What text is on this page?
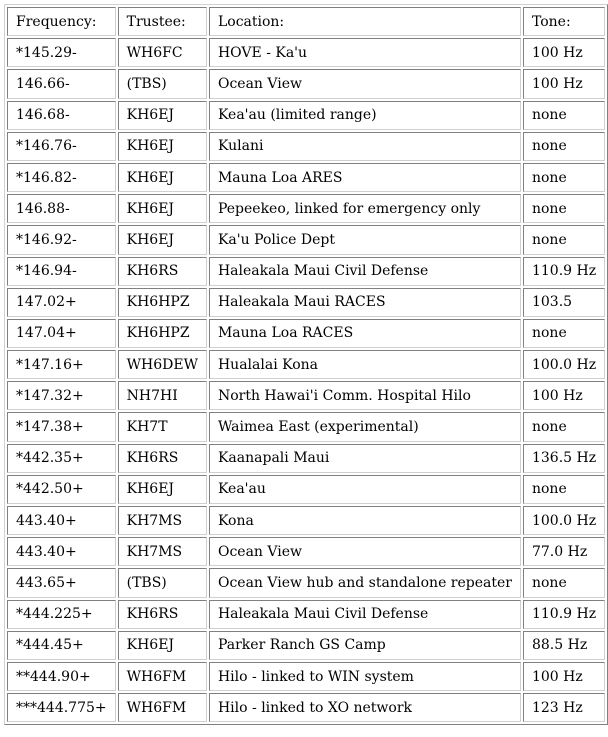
Frequency:	Trustee:	Location:	Tone:
*145.29-	WH6FC	HOVE - Ka'u	100 Hz
146.66-	(TBS)	Ocean View	100 Hz
146.68-	KH6EJ	Kea'au (limited range)	none
*146.76-	KH6EJ	Kulani	none
*146.82-	KH6EJ	Mauna Loa ARES	none
146.88-	KH6EJ	Pepeekeo, linked for emergency only	none
*146.92-	KH6EJ	Ka'u Police Dept	none
*146.94-	KH6RS	Haleakala Maui Civil Defense	110.9 Hz
147.02+	KH6HPZ	Haleakala Maui RACES	103.5
147.04+	KH6HPZ	Mauna Loa RACES	none
*147.16+	WH6DEW	Hualalai Kona	100.0 Hz
*147.32+	NH7HI	North Hawai'i Comm. Hospital Hilo	100 Hz
*147.38+	KH7T	Waimea East (experimental)	none
*442.35+	KH6RS	Kaanapali Maui	136.5 Hz
*442.50+	KH6EJ	Kea'au	none
443.40+	KH7MS	Kona	100.0 Hz
443.40+	KH7MS	Ocean View	77.0 Hz
443.65+	(TBS)	Ocean View hub and standalone repeater	none
*444.225+	KH6RS	Haleakala Maui Civil Defense	110.9 Hz
*444.45+	KH6EJ	Parker Ranch GS Camp	88.5 Hz
**444.90+	WH6FM	Hilo - linked to WIN system	100 Hz
***444.775+	WH6FM	Hilo - linked to XO network	123 Hz
